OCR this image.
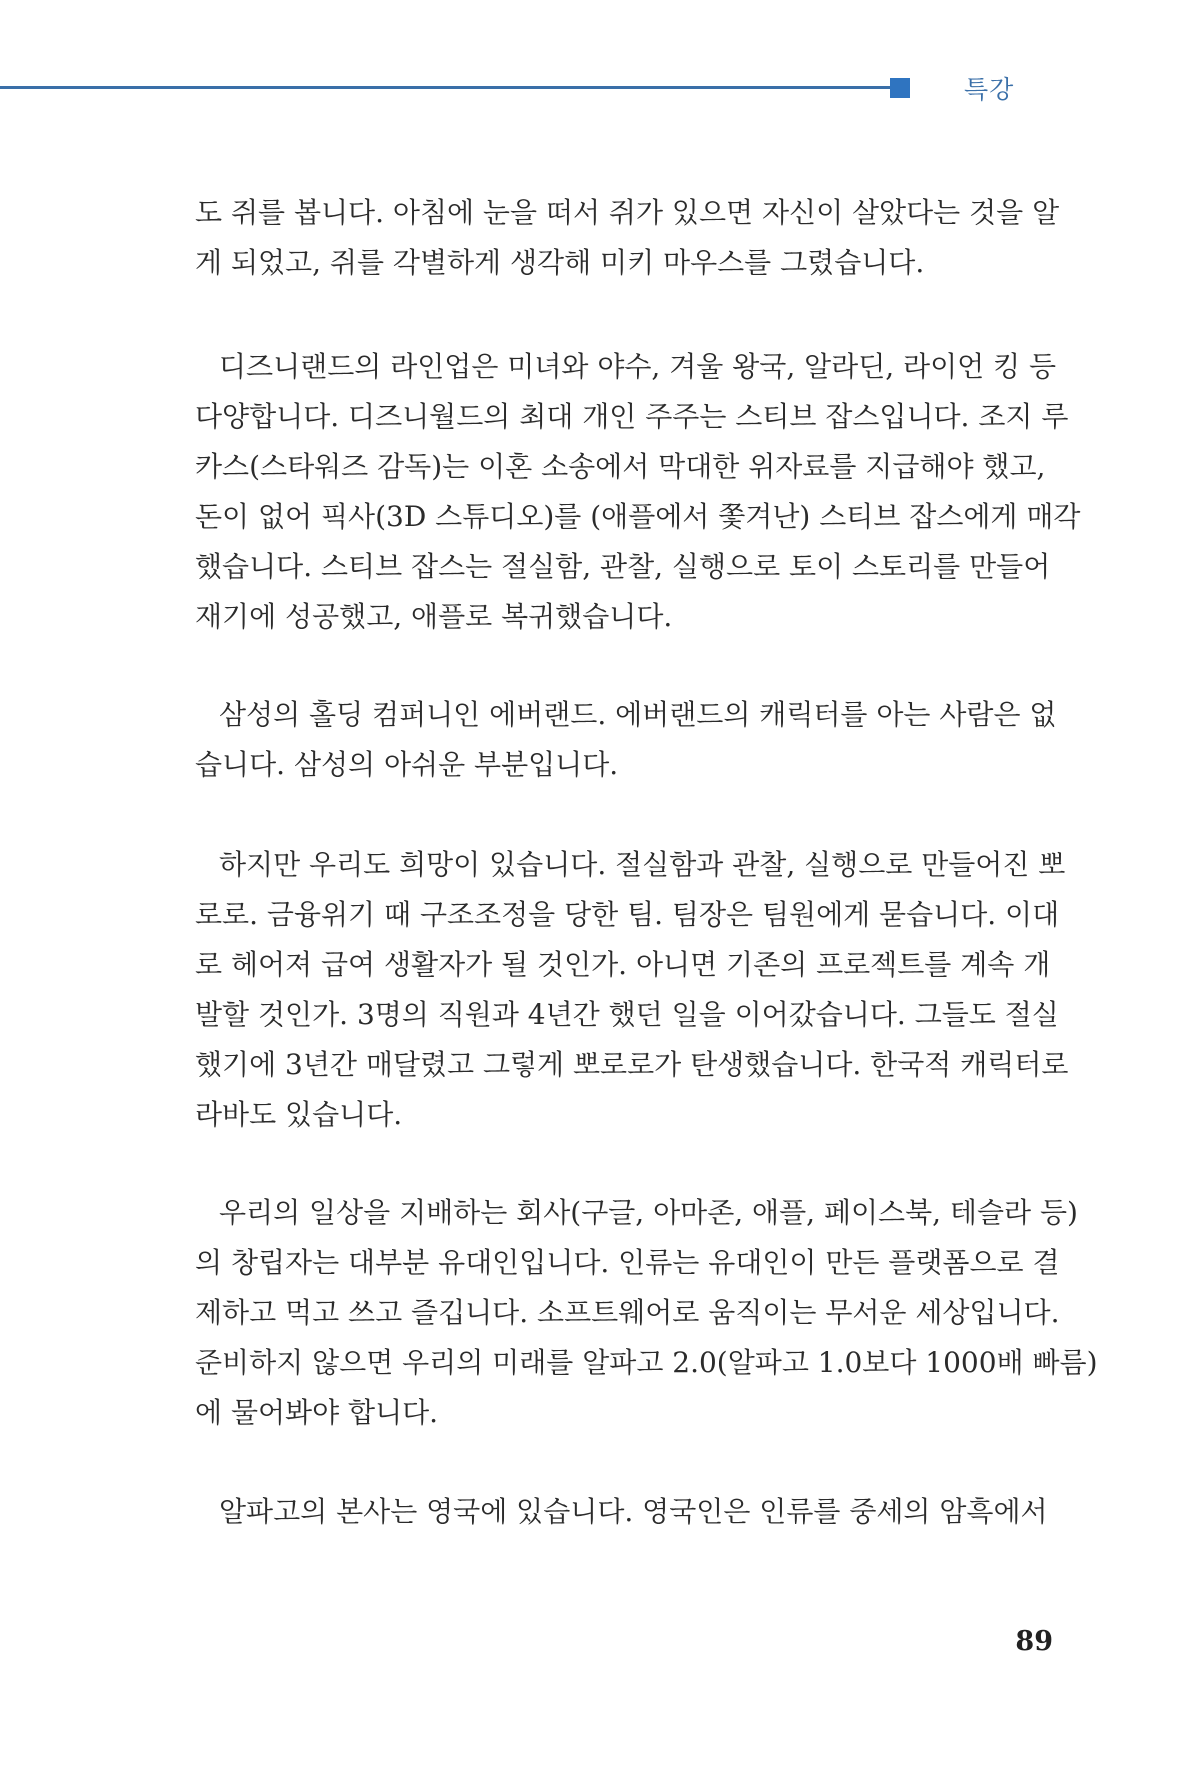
특강
도 쥐를 봅니다. 아침에 눈을 떠서 쥐가 있으면 자신이 살았다는 것을 알
게 되었고, 쥐를 각별하게 생각해 미키 마우스를 그렸습니다.
디즈니랜드의 라인업은 미녀와 야수, 겨울 왕국, 알라딘, 라이언 킹 등
다양합니다. 디즈니월드의 최대 개인 주주는 스티브 잡스입니다. 조지 루
카스(스타워즈 감독)는 이혼 소송에서 막대한 위자료를 지급해야 했고,
돈이 없어 픽사(3D 스튜디오)를 (애플에서 쫓겨난) 스티브 잡스에게 매각
했습니다. 스티브 잡스는 절실함, 관찰, 실행으로 토이 스토리를 만들어
재기에 성공했고, 애플로 복귀했습니다.
삼성의 홀딩 컴퍼니인 에버랜드. 에버랜드의 캐릭터를 아는 사람은 없
습니다. 삼성의 아쉬운 부분입니다.
하지만 우리도 희망이 있습니다. 절실함과 관찰, 실행으로 만들어진 뽀
로로. 금융위기 때 구조조정을 당한 팀. 팀장은 팀원에게 묻습니다. 이대
로 헤어져 급여 생활자가 될 것인가. 아니면 기존의 프로젝트를 계속 개
발할 것인가. 3명의 직원과 4년간 했던 일을 이어갔습니다. 그들도 절실
했기에 3년간 매달렸고 그렇게 뽀로로가 탄생했습니다. 한국적 캐릭터로
라바도 있습니다.
우리의 일상을 지배하는 회사(구글, 아마존, 애플, 페이스북, 테슬라 등)
의 창립자는 대부분 유대인입니다. 인류는 유대인이 만든 플랫폼으로 결
제하고 먹고 쓰고 즐깁니다. 소프트웨어로 움직이는 무서운 세상입니다.
준비하지 않으면 우리의 미래를 알파고 2.0(알파고 1.0보다 1000배 빠름)
에 물어봐야 합니다.
알파고의 본사는 영국에 있습니다. 영국인은 인류를 중세의 암흑에서
89
